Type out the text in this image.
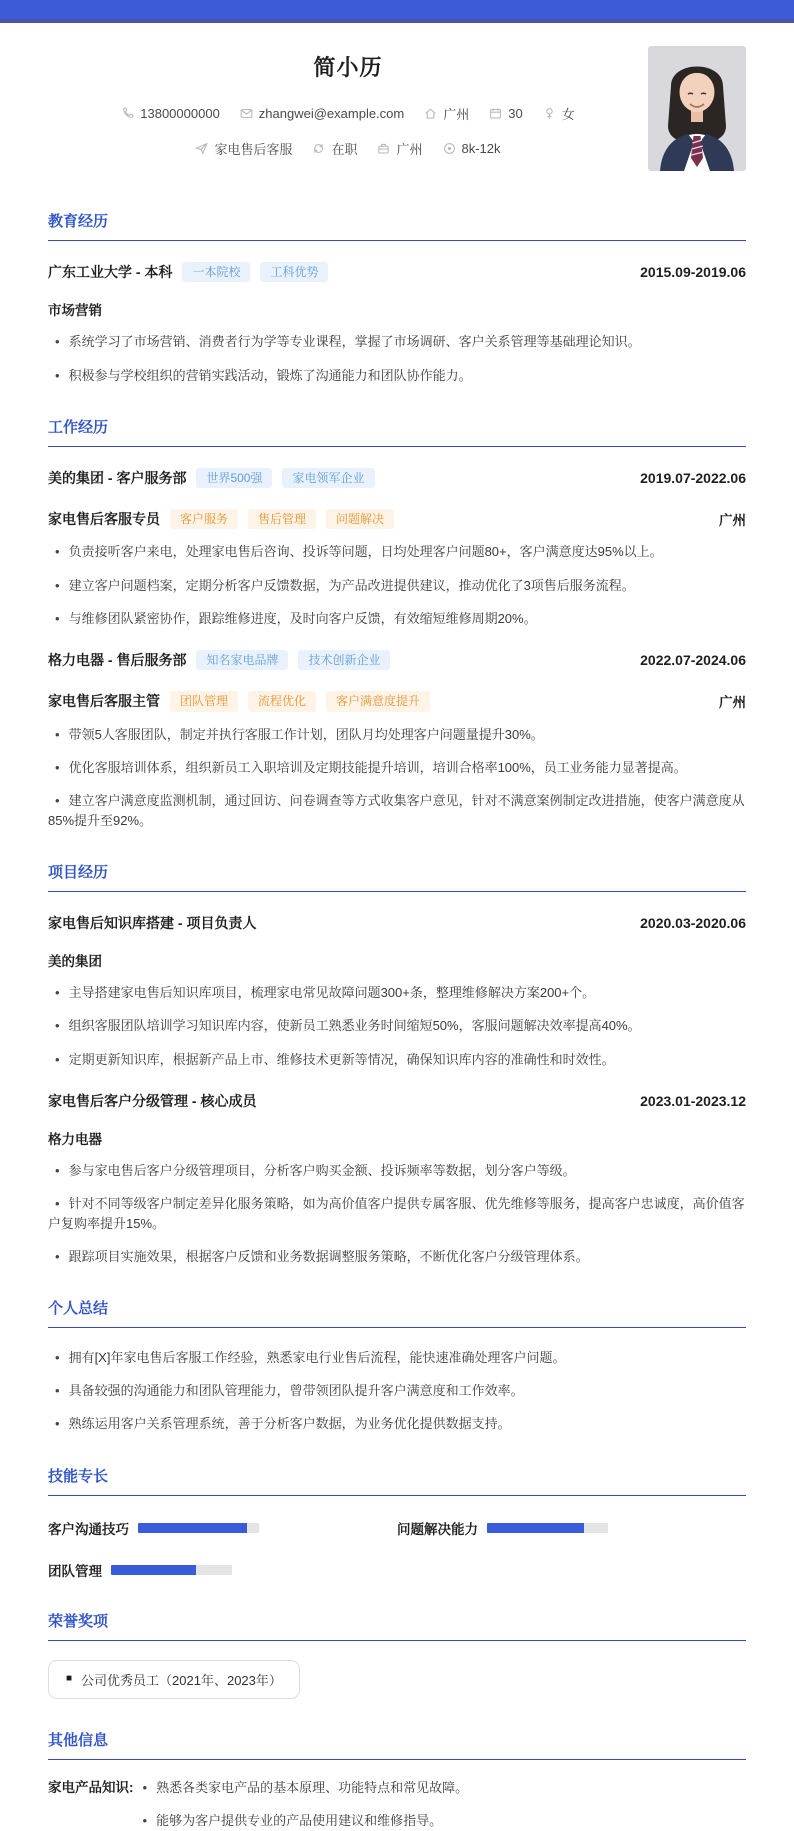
简小历
13800000000	zhangwei@example.com	广州	30	女
家电售后客服	在职	广州	8k-12k
教育经历
广东工业大学 - 本科	一本院校	工科优势	2015.09-2019.06
市场营销
• 系统学习了市场营销、消费者行为学等专业课程，掌握了市场调研、客户关系管理等基础理论知识。
• 积极参与学校组织的营销实践活动，锻炼了沟通能力和团队协作能力。
工作经历
美的集团 - 客户服务部	世界500强	家电领军企业	2019.07-2022.06
家电售后客服专员	客户服务	售后管理	问题解决	广州
• 负责接听客户来电，处理家电售后咨询、投诉等问题，日均处理客户问题80+，客户满意度达95%以上。
• 建立客户问题档案，定期分析客户反馈数据，为产品改进提供建议，推动优化了3项售后服务流程。
• 与维修团队紧密协作，跟踪维修进度，及时向客户反馈，有效缩短维修周期20%。
格力电器 - 售后服务部	知名家电品牌	技术创新企业	2022.07-2024.06
家电售后客服主管	团队管理	流程优化	客户满意度提升	广州
• 带领5人客服团队，制定并执行客服工作计划，团队月均处理客户问题量提升30%。
• 优化客服培训体系，组织新员工入职培训及定期技能提升培训，培训合格率100%，员工业务能力显著提高。
• 建立客户满意度监测机制，通过回访、问卷调查等方式收集客户意见，针对不满意案例制定改进措施，使客户满意度从85%提升至92%。
项目经历
家电售后知识库搭建 - 项目负责人	2020.03-2020.06
美的集团
• 主导搭建家电售后知识库项目，梳理家电常见故障问题300+条，整理维修解决方案200+个。
• 组织客服团队培训学习知识库内容，使新员工熟悉业务时间缩短50%，客服问题解决效率提高40%。
• 定期更新知识库，根据新产品上市、维修技术更新等情况，确保知识库内容的准确性和时效性。
家电售后客户分级管理 - 核心成员	2023.01-2023.12
格力电器
• 参与家电售后客户分级管理项目，分析客户购买金额、投诉频率等数据，划分客户等级。
• 针对不同等级客户制定差异化服务策略，如为高价值客户提供专属客服、优先维修等服务，提高客户忠诚度，高价值客户复购率提升15%。
• 跟踪项目实施效果，根据客户反馈和业务数据调整服务策略，不断优化客户分级管理体系。
个人总结
• 拥有[X]年家电售后客服工作经验，熟悉家电行业售后流程，能快速准确处理客户问题。
• 具备较强的沟通能力和团队管理能力，曾带领团队提升客户满意度和工作效率。
• 熟练运用客户关系管理系统，善于分析客户数据，为业务优化提供数据支持。
技能专长
客户沟通技巧	问题解决能力
团队管理
荣誉奖项
■ 公司优秀员工（2021年、2023年）
其他信息
家电产品知识: • 熟悉各类家电产品的基本原理、功能特点和常见故障。
• 能够为客户提供专业的产品使用建议和维修指导。
